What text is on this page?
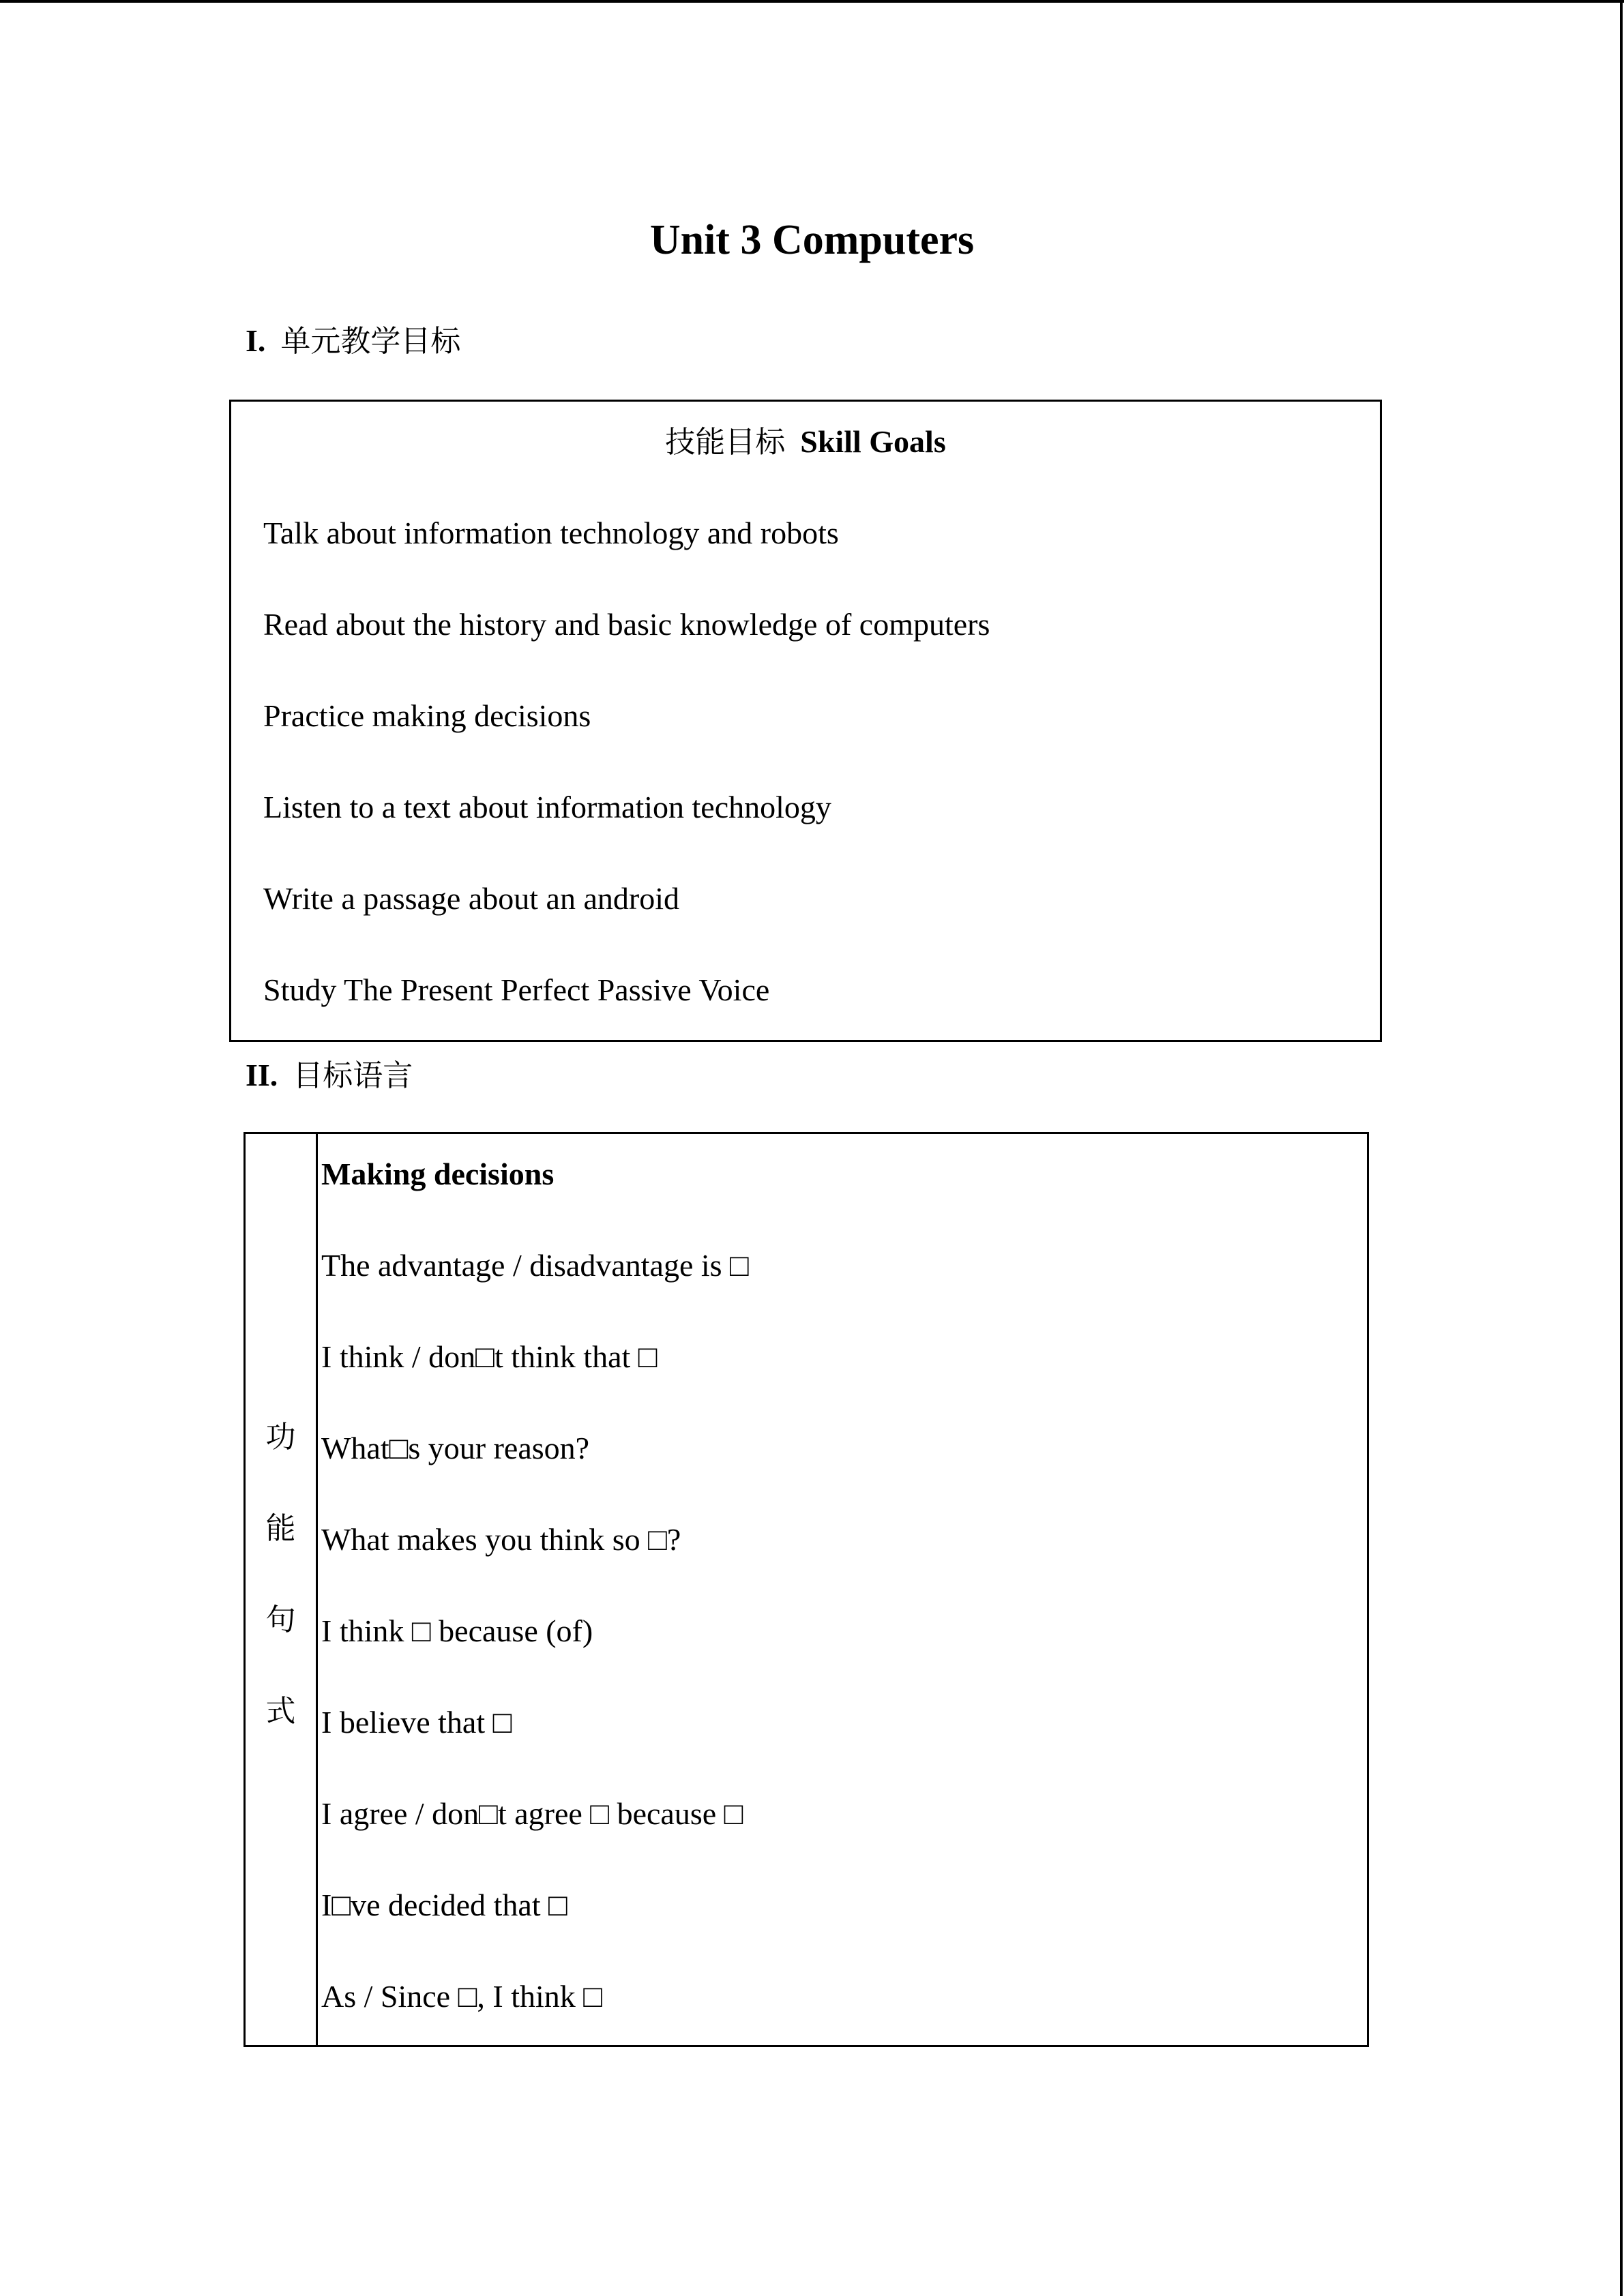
Unit 3 Computers
I. 单元教学目标
技能目标 Skill Goals
Talk about information technology and robots
Read about the history and basic knowledge of computers
Practice making decisions
Listen to a text about information technology
Write a passage about an android
Study The Present Perfect Passive Voice
II. 目标语言
功
能
句
式
Making decisions
The advantage / disadvantage is □
I think / don□t think that □
What□s your reason?
What makes you think so □?
I think □ because (of)
I believe that □
I agree / don□t agree □ because □
I□ve decided that □
As / Since □, I think □
